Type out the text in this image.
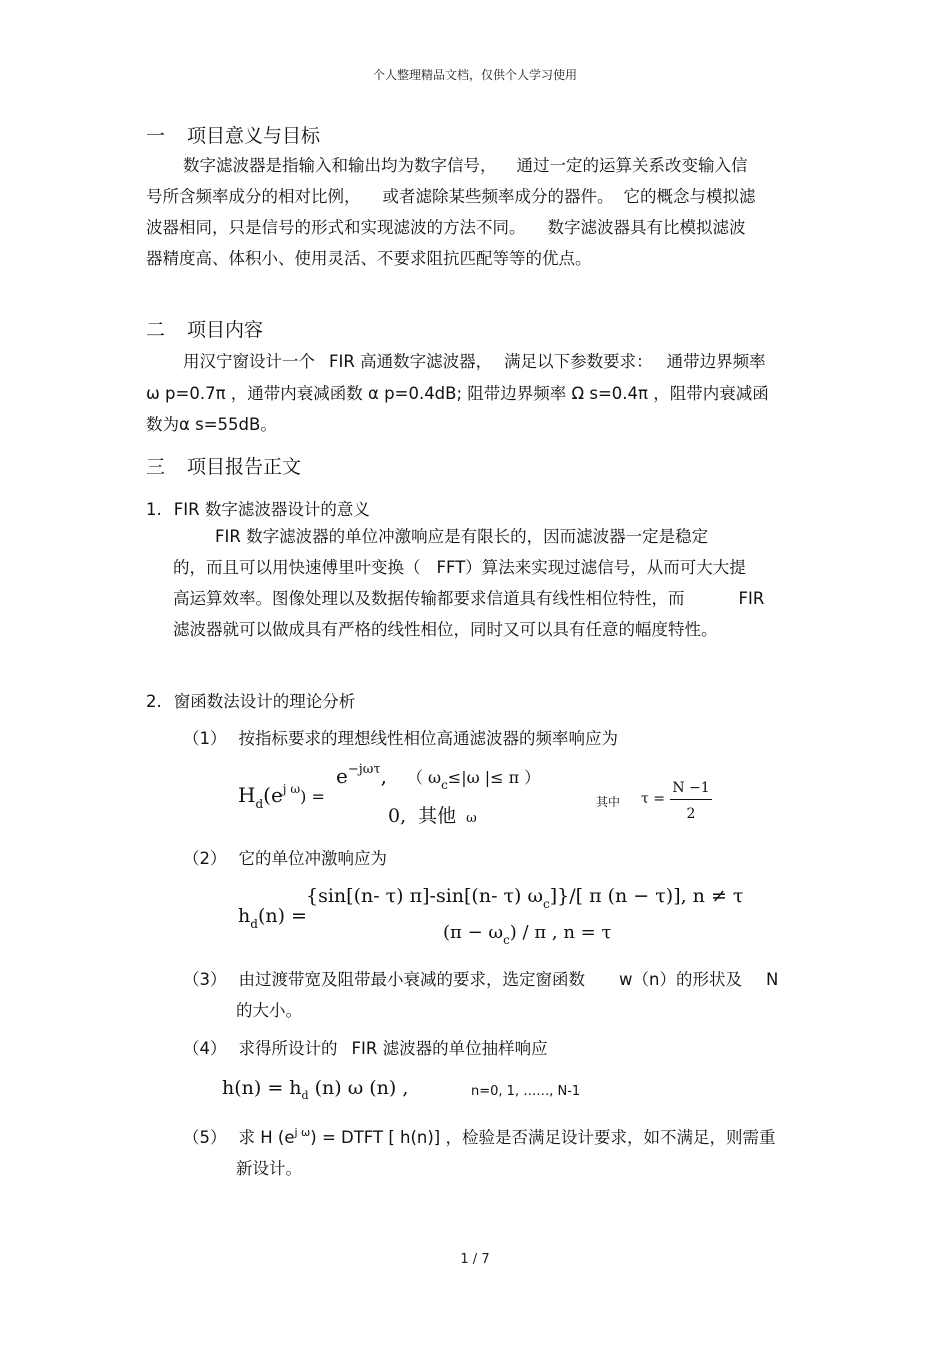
个人整理精品文档，仅供个人学习使用
一 项目意义与目标
数字滤波器是指输入和输出均为数字信号， 通过一定的运算关系改变输入信
号所含频率成分的相对比例， 或者滤除某些频率成分的器件。 它的概念与模拟滤
波器相同，只是信号的形式和实现滤波的方法不同。 数字滤波器具有比模拟滤波
器精度高、体积小、使用灵活、不要求阻抗匹配等等的优点。
二 项目内容
用汉宁窗设计一个 FIR 高通数字滤波器， 满足以下参数要求： 通带边界频率
ω p=0.7π ，通带内衰减函数 α p=0.4dB; 阻带边界频率 Ω s=0.4π ，阻带内衰减函
数为α s=55dB。
三 项目报告正文
1. FIR 数字滤波器设计的意义
FIR 数字滤波器的单位冲激响应是有限长的，因而滤波器一定是稳定
的，而且可以用快速傅里叶变换（ FFT）算法来实现过滤信号，从而可大大提
高运算效率。图像处理以及数据传输都要求信道具有线性相位特性，而	FIR
滤波器就可以做成具有严格的线性相位，同时又可以具有任意的幅度特性。
2. 窗函数法设计的理论分析
（1） 按指标要求的理想线性相位高通滤波器的频率响应为
$H_d(e^{j \omega})$ =
$e^{-j\omega\tau}$, （ $\omega_c\le|\omega$ |≤ π ）
0, 其他 ω
其中 τ =
N −1
2
（2） 它的单位冲激响应为
$h_d(n)$ =
{sin[(n- τ) π]-sin[(n- τ) $\omega_c]\}/$[ π (n − τ)], n ≠ τ
$(\pi - \omega_c) / \pi$ , n = τ
（3） 由过渡带宽及阻带最小衰减的要求，选定窗函数 w（n）的形状及 N
的大小。
（4） 求得所设计的 FIR 滤波器的单位抽样响应
$h(n) = h_d$ (n) ω (n) ,	n=0, 1, ……, N-1
（5） 求 H $(e^{j \omega})$ = DTFT [ h(n)] ，检验是否满足设计要求，如不满足，则需重
新设计。
1 / 7
